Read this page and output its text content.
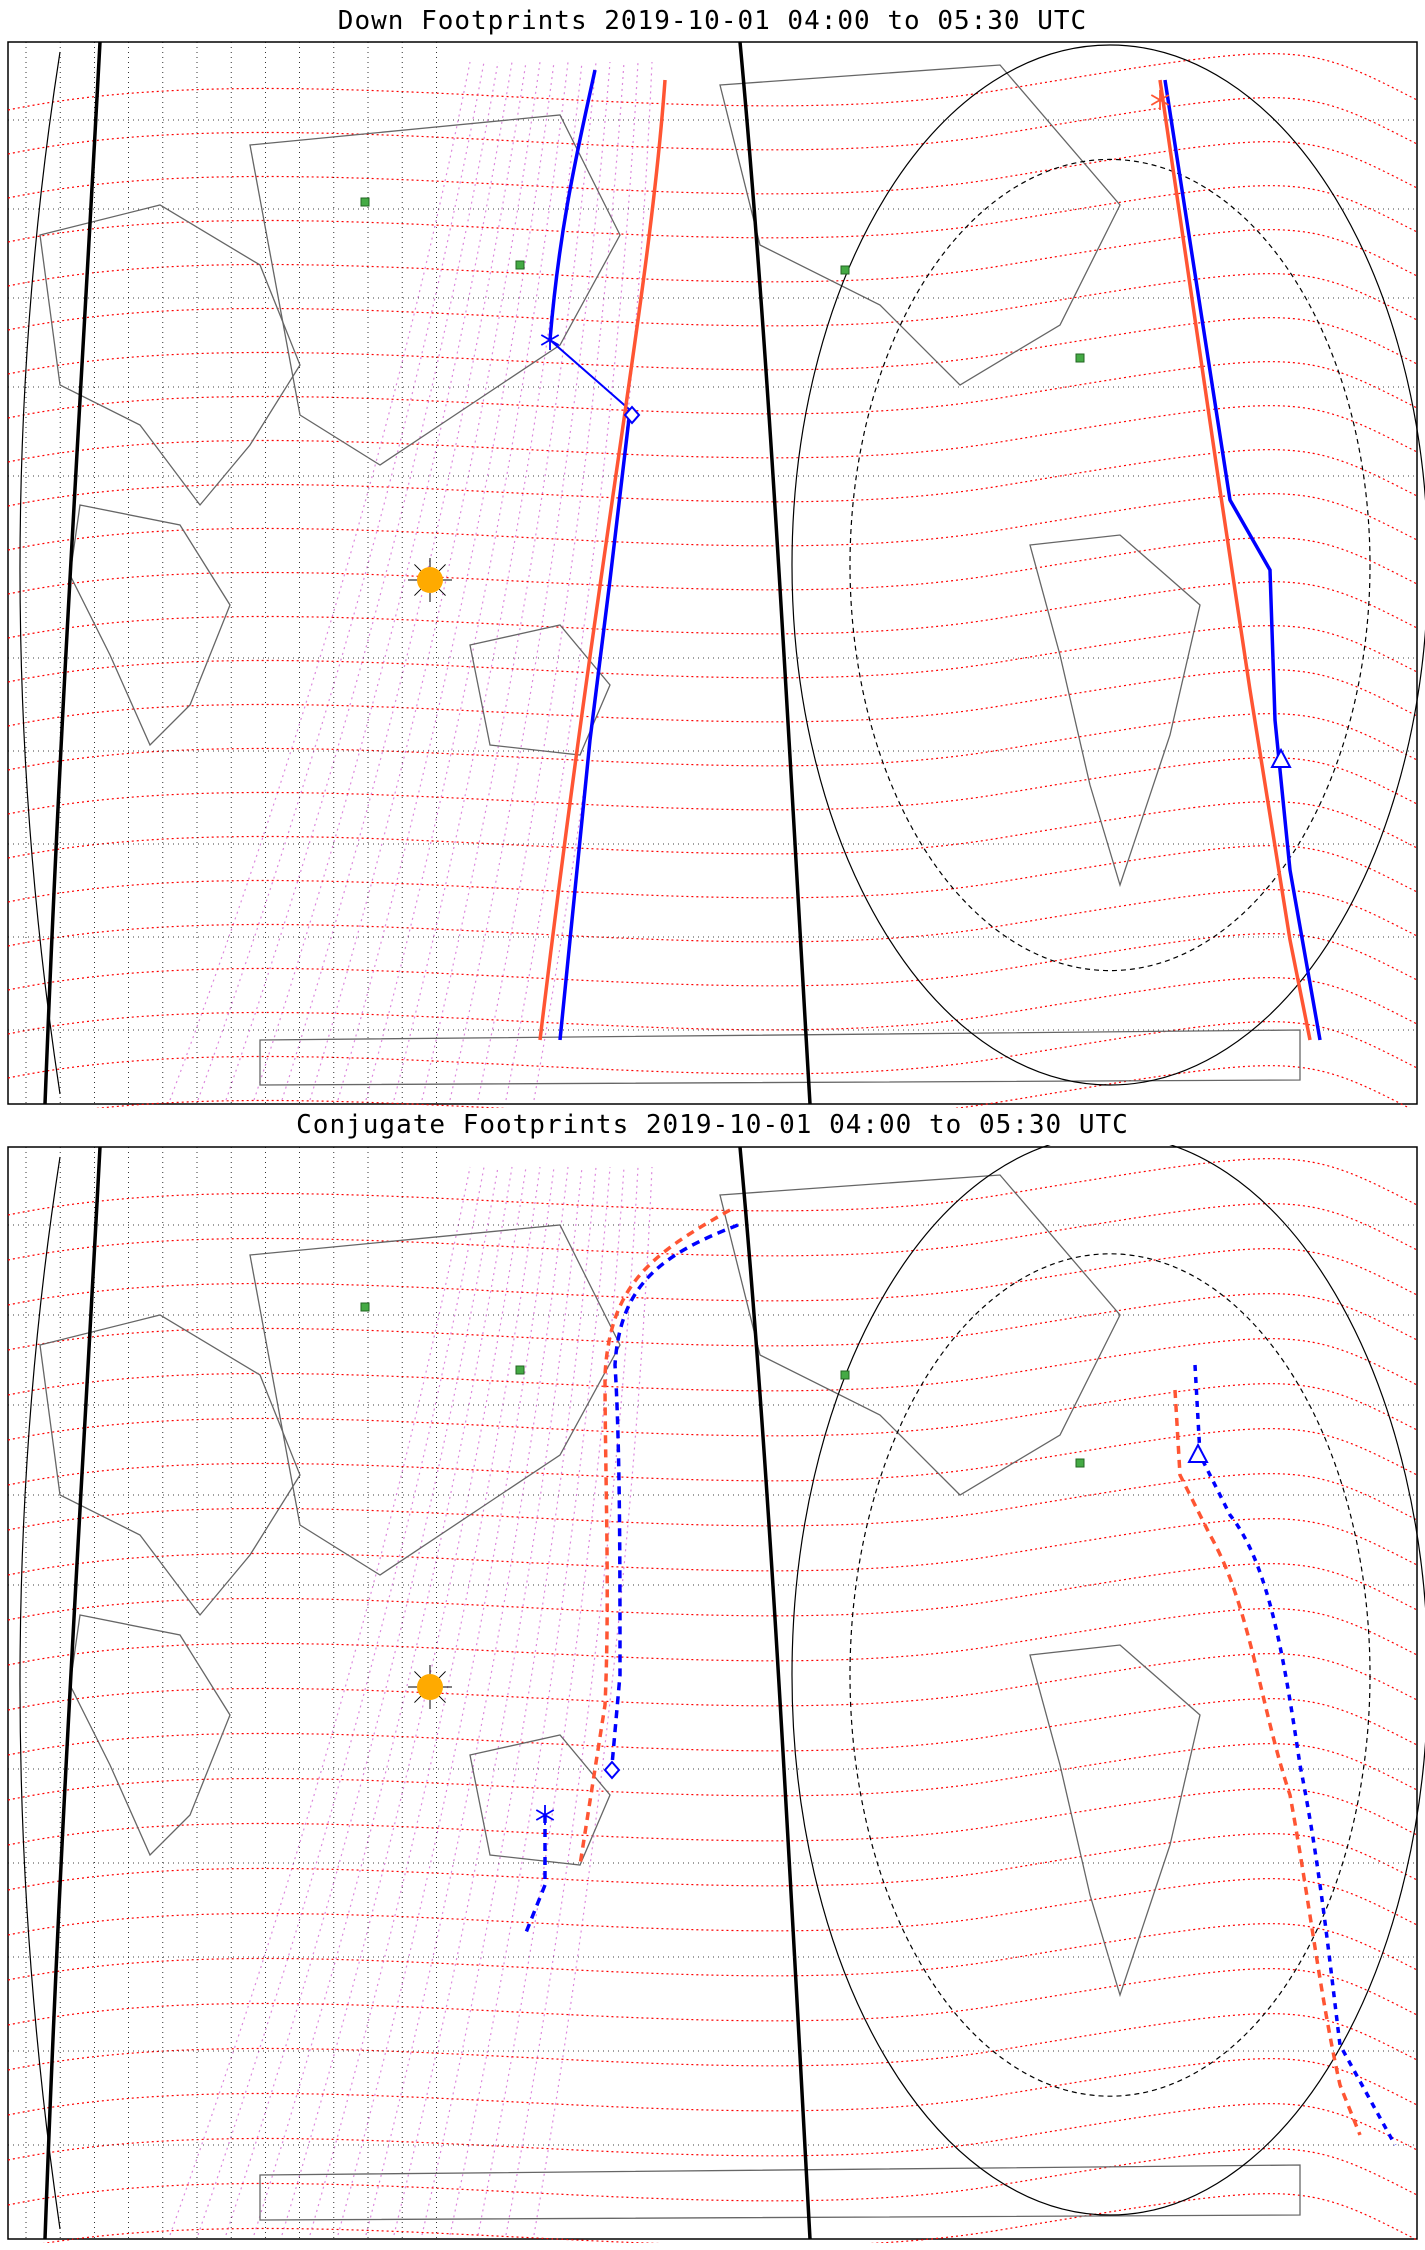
Down Footprints 2019-10-01 04:00 to 05:30 UTC
Conjugate Footprints 2019-10-01 04:00 to 05:30 UTC
